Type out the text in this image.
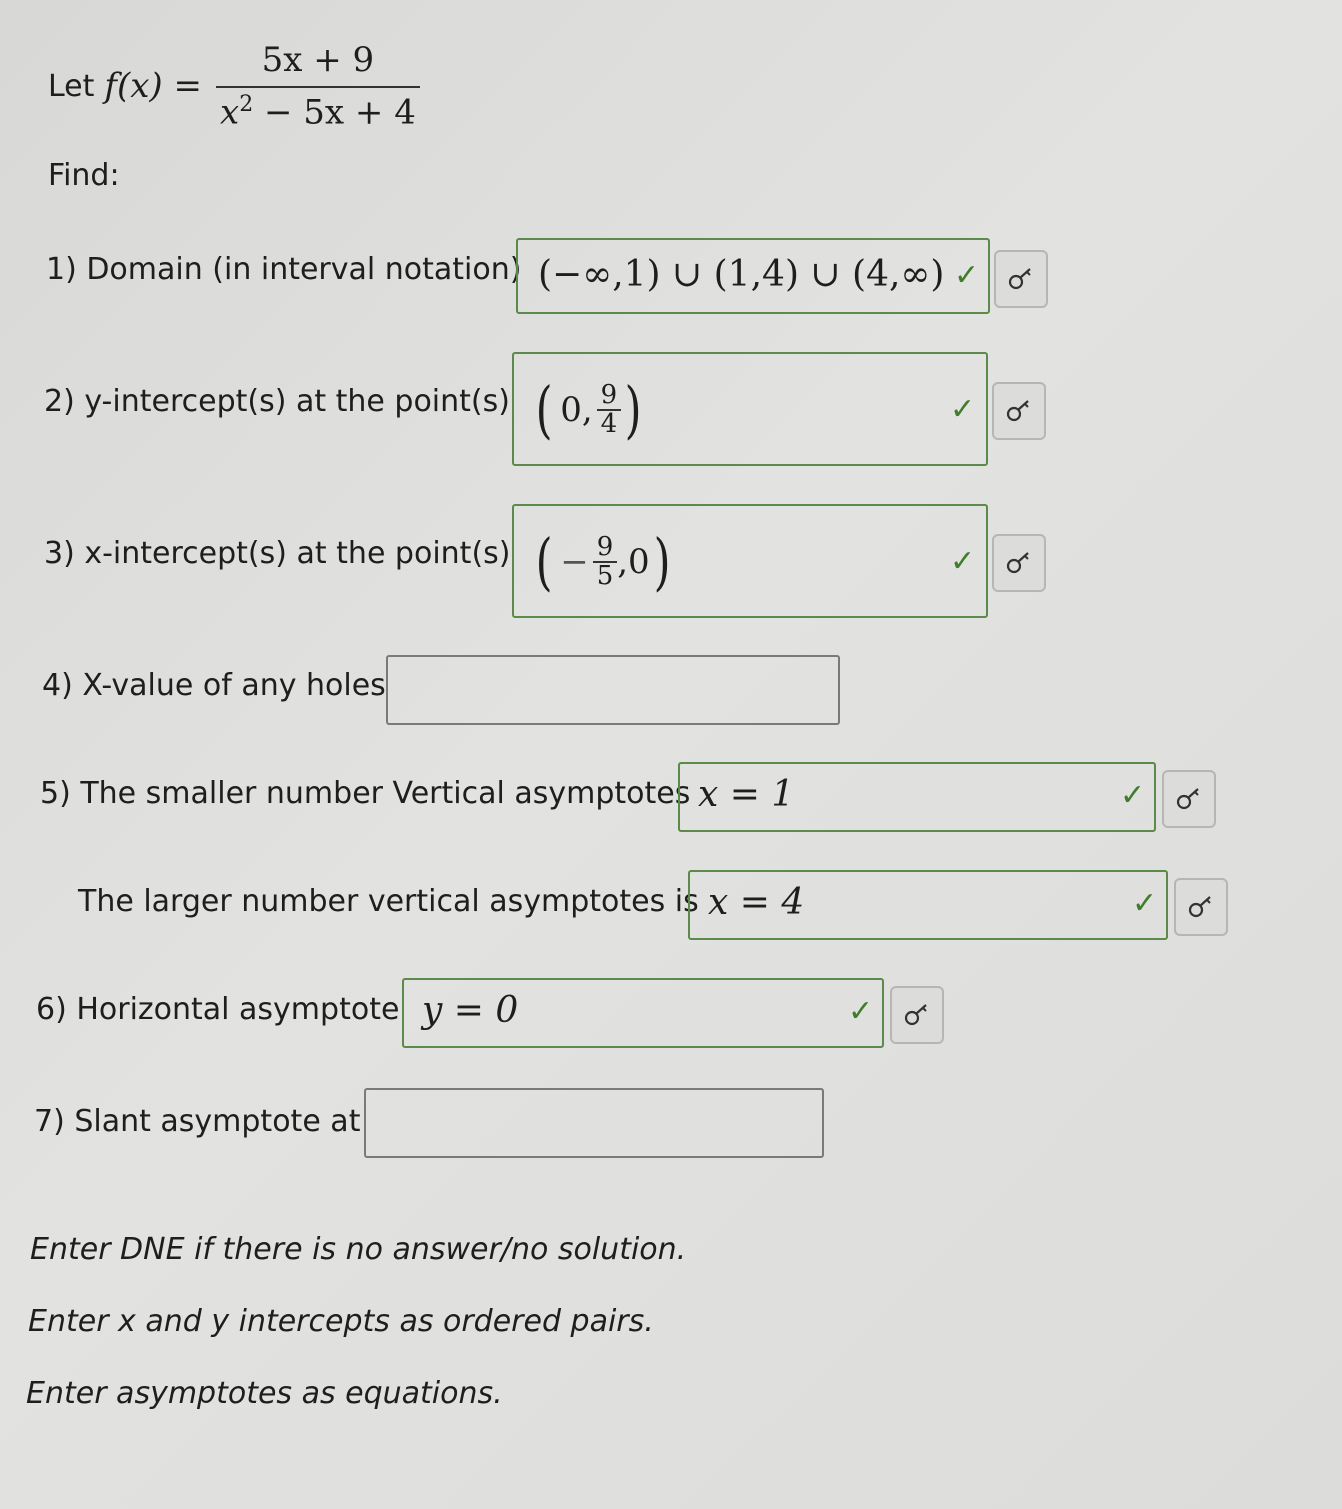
Let $f(x) = \frac{5x + 9}{x^2 - 5x + 4}$
Find:
1) Domain (in interval notation) (−∞,1) ∪ (1,4) ∪ (4,∞) ✓
2) y-intercept(s) at the point(s) ( 0, $\frac{9}{4}$ )	✓
3) x-intercept(s) at the point(s) ( − $\frac{9}{5} ,0$ )	✓
4) X-value of any holes
5) The smaller number Vertical asymptotes x = 1	✓
The larger number vertical asymptotes is x = 4	✓
6) Horizontal asymptote y = 0	✓
7) Slant asymptote at
Enter DNE if there is no answer/no solution.
Enter x and y intercepts as ordered pairs.
Enter asymptotes as equations.
